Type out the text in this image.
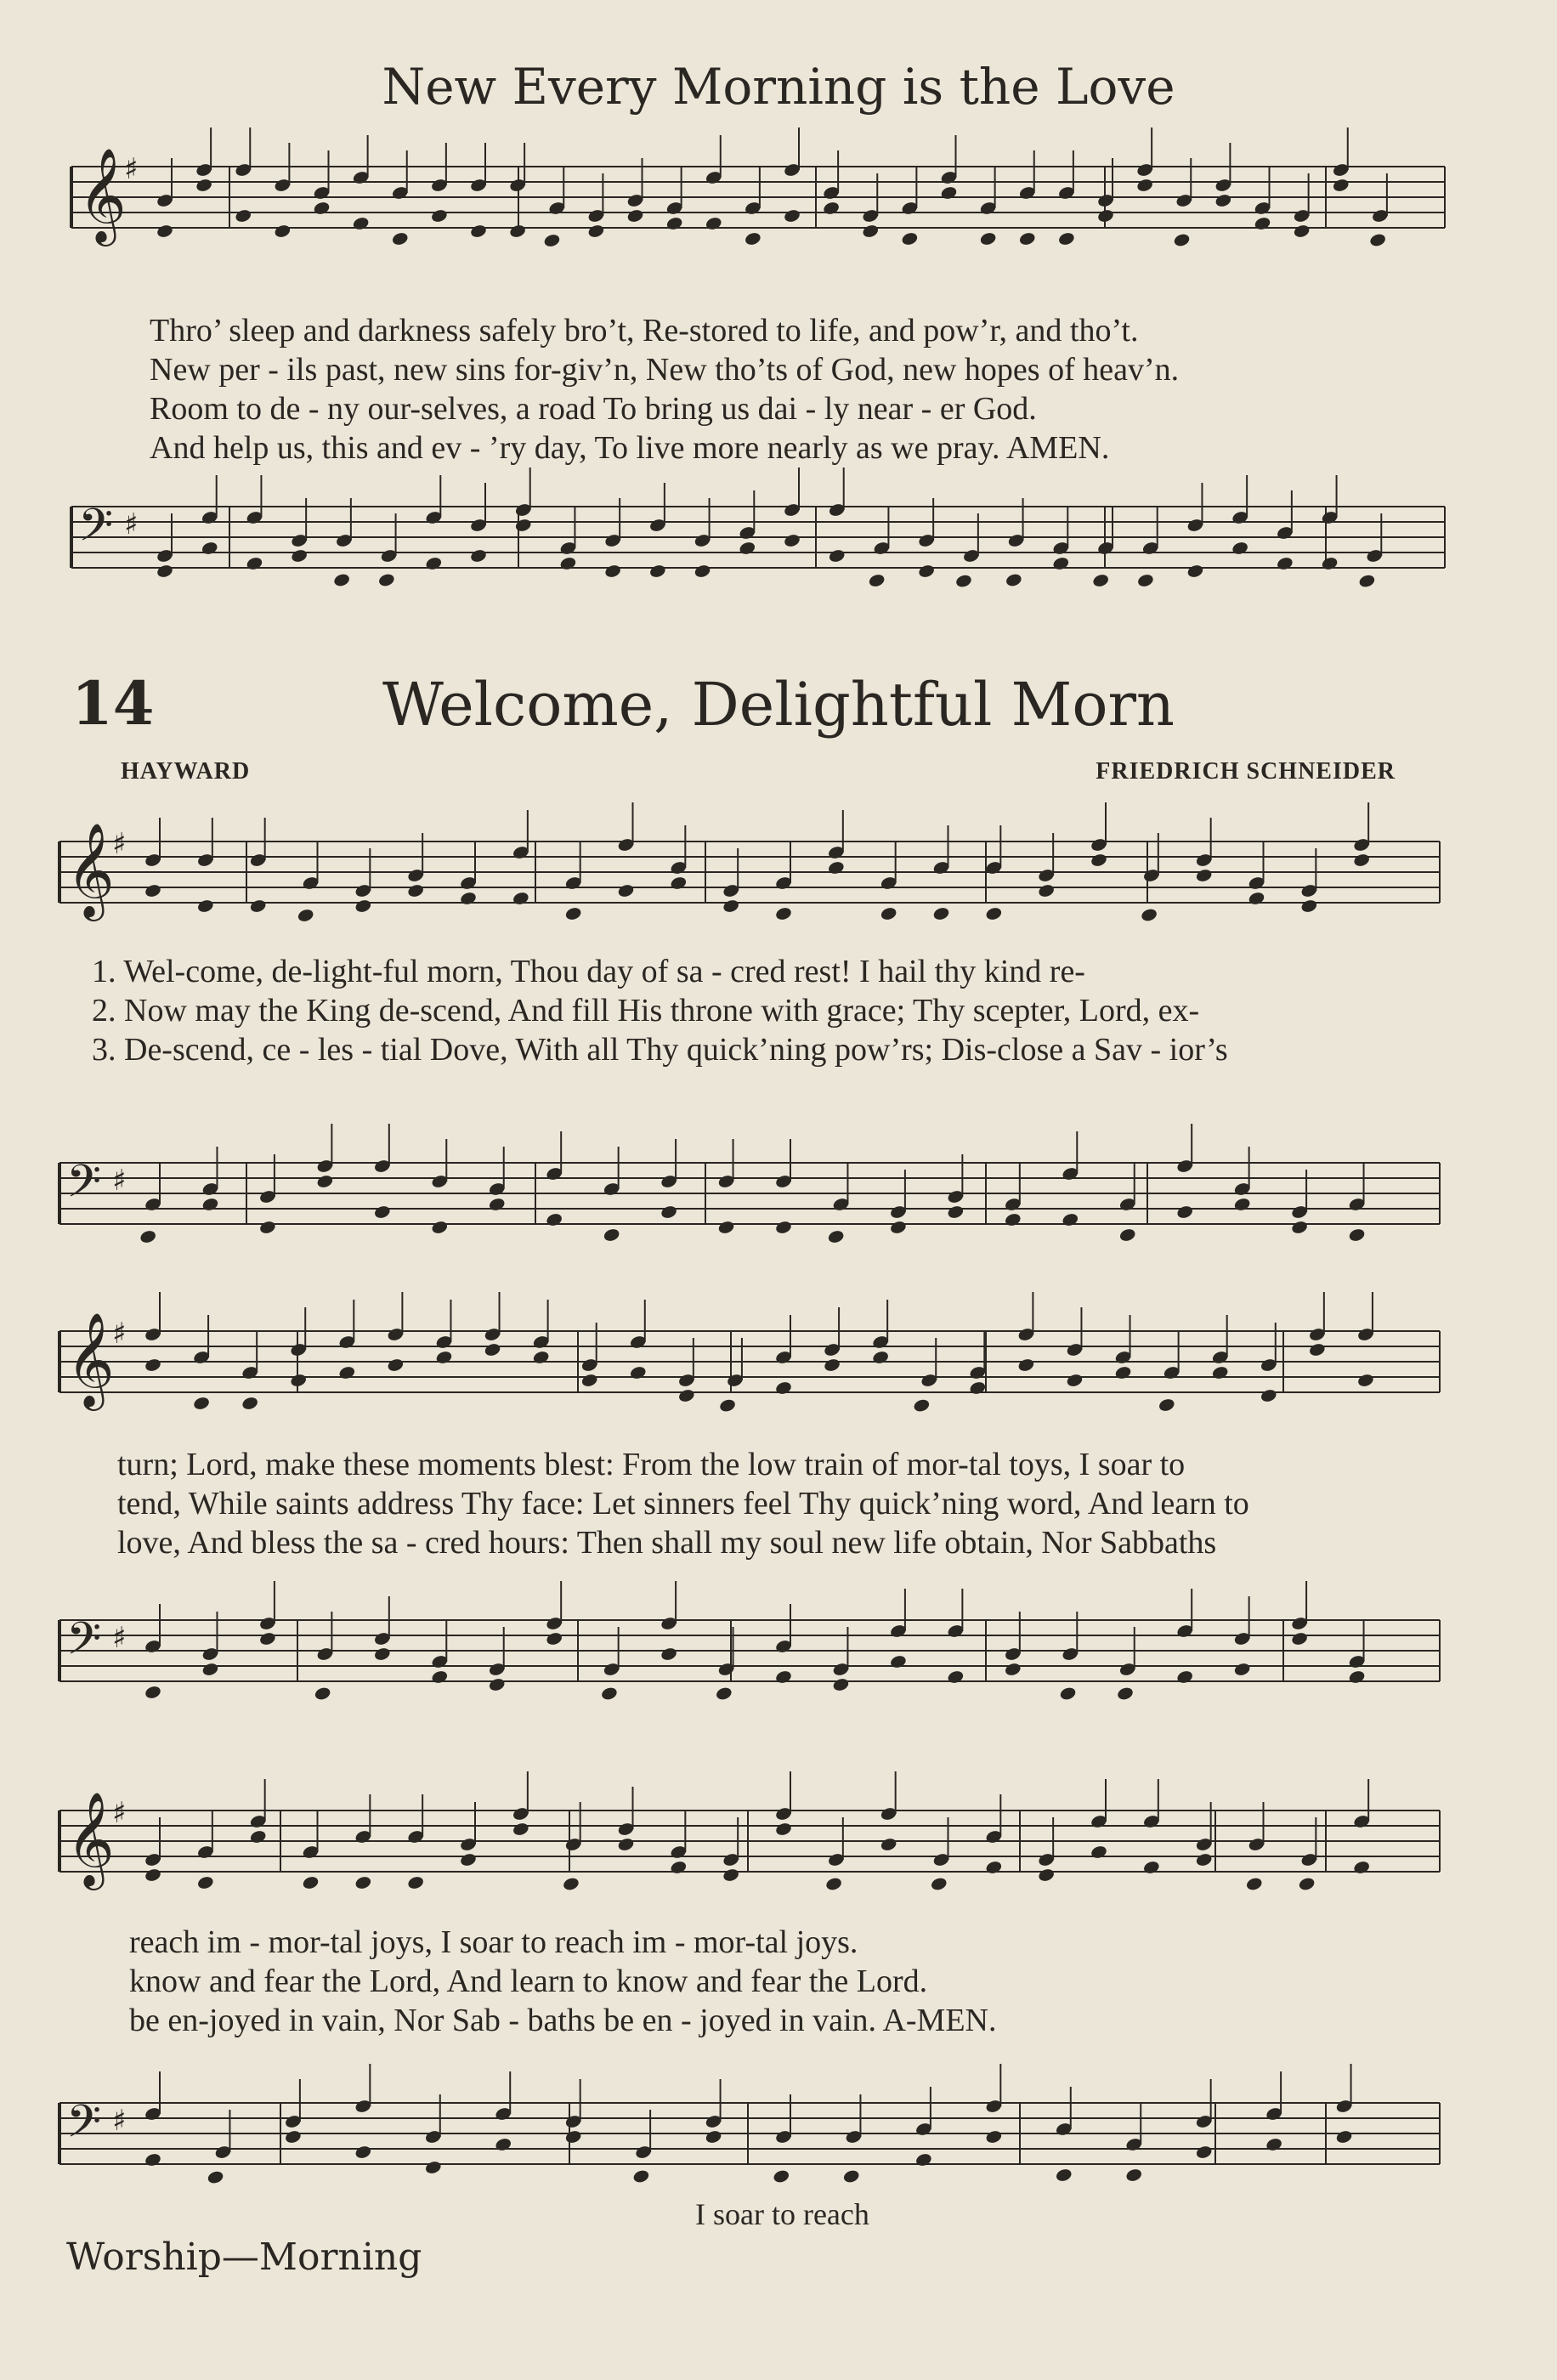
New Every Morning is the Love
𝄞
♯
Thro’ sleep and darkness safely bro’t, Re-stored to life, and pow’r, and tho’t.
New per - ils past, new sins for-giv’n, New tho’ts of God, new hopes of heav’n.
Room to de - ny our-selves, a road To bring us dai - ly near - er God.
And help us, this and ev - ’ry day, To live more nearly as we pray. AMEN.
14	Welcome, Delightful Morn
HAYWARD	FRIEDRICH SCHNEIDER
1. Wel-come, de-light-ful morn, Thou day of sa - cred rest! I hail thy kind re-
2. Now may the King de-scend, And fill His throne with grace; Thy scepter, Lord, ex-
3. De-scend, ce - les - tial Dove, With all Thy quick’ning pow’rs; Dis-close a Sav - ior’s
turn; Lord, make these moments blest: From the low train of mor-tal toys, I soar to
tend, While saints address Thy face: Let sinners feel Thy quick’ning word, And learn to
love, And bless the sa - cred hours: Then shall my soul new life obtain, Nor Sabbaths
reach im - mor-tal joys, I soar to reach im - mor-tal joys.
know and fear the Lord, And learn to know and fear the Lord.
be en-joyed in vain, Nor Sab - baths be en - joyed in vain. A-MEN.
I soar to reach
Worship—Morning
𝄢 ♯
𝄞
♯
𝄢 ♯
𝄞
♯
𝄢 ♯
𝄞
♯
𝄢 ♯
